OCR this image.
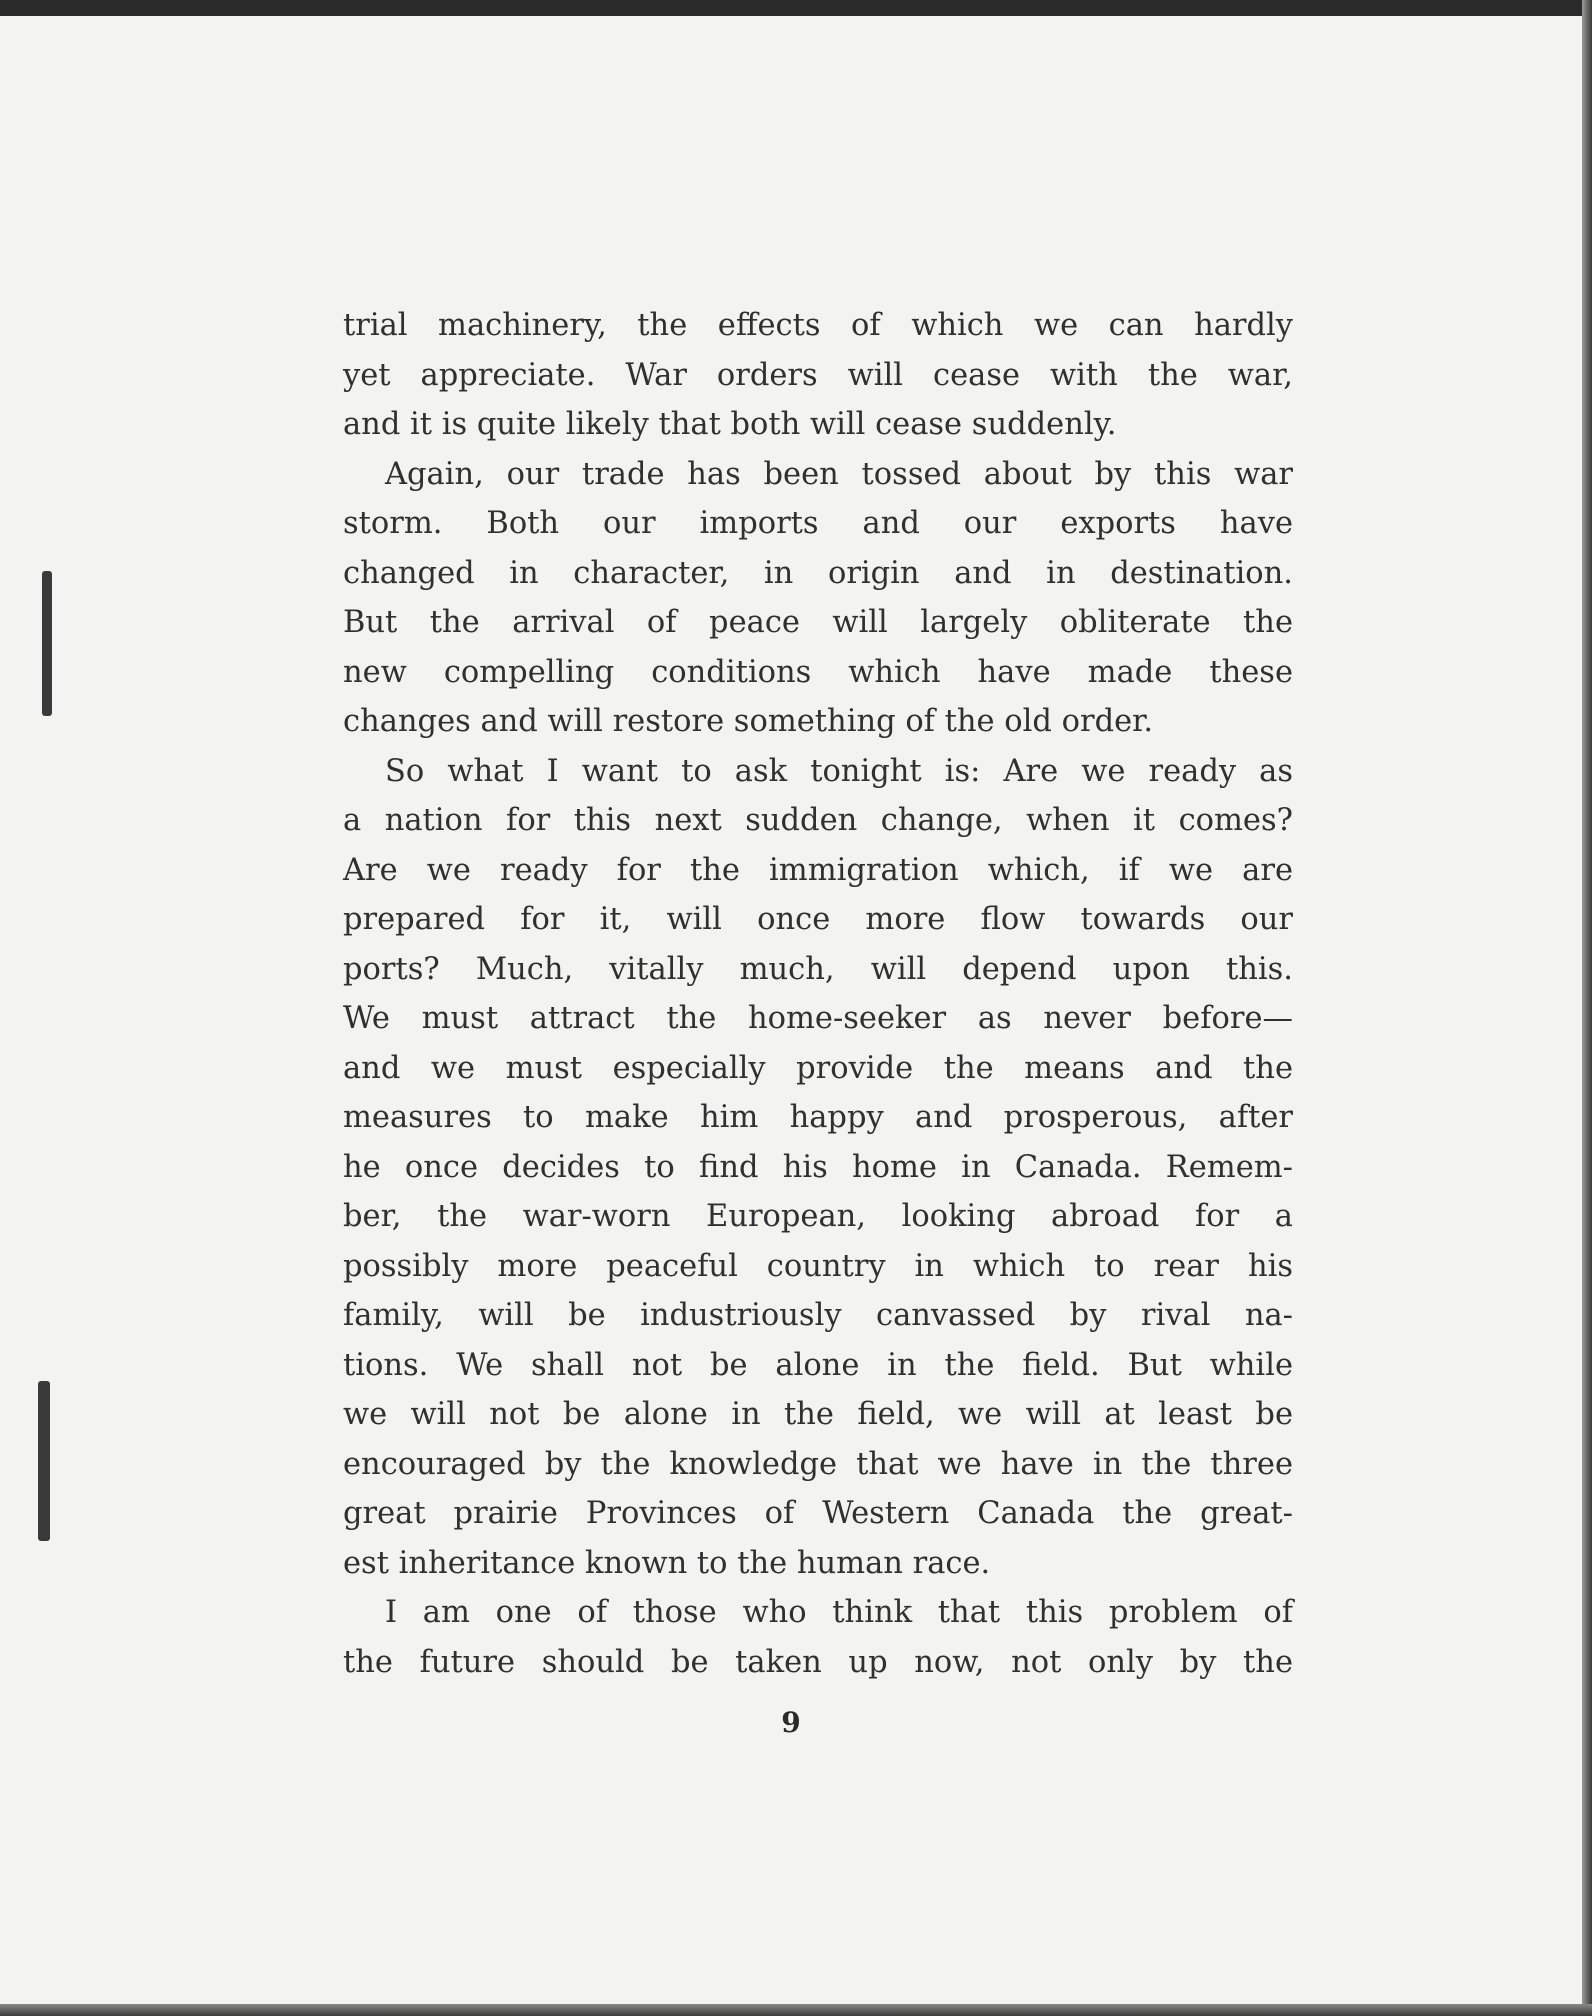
trial machinery, the effects of which we can hardly
yet appreciate. War orders will cease with the war,
and it is quite likely that both will cease suddenly.

Again, our trade has been tossed about by this war
storm. Both our imports and our exports have
changed in character, in origin and in destination.
But the arrival of peace will largely obliterate the
new compelling conditions which have made these
changes and will restore something of the old order.

So what I want to ask tonight is: Are we ready as
a nation for this next sudden change, when it comes?
Are we ready for the immigration which, if we are
prepared for it, will once more flow towards our
ports? Much, vitally much, will depend upon this.
We must attract the home-seeker as never before—
and we must especially provide the means and the
measures to make him happy and prosperous, after
he once decides to find his home in Canada. Remem-
ber, the war-worn European, looking abroad for a
possibly more peaceful country in which to rear his
family, will be industriously canvassed by rival na-
tions. We shall not be alone in the field. But while
we will not be alone in the field, we will at least be
encouraged by the knowledge that we have in the three
great prairie Provinces of Western Canada the great-
est inheritance known to the human race.

I am one of those who think that this problem of
the future should be taken up now, not only by the

9
